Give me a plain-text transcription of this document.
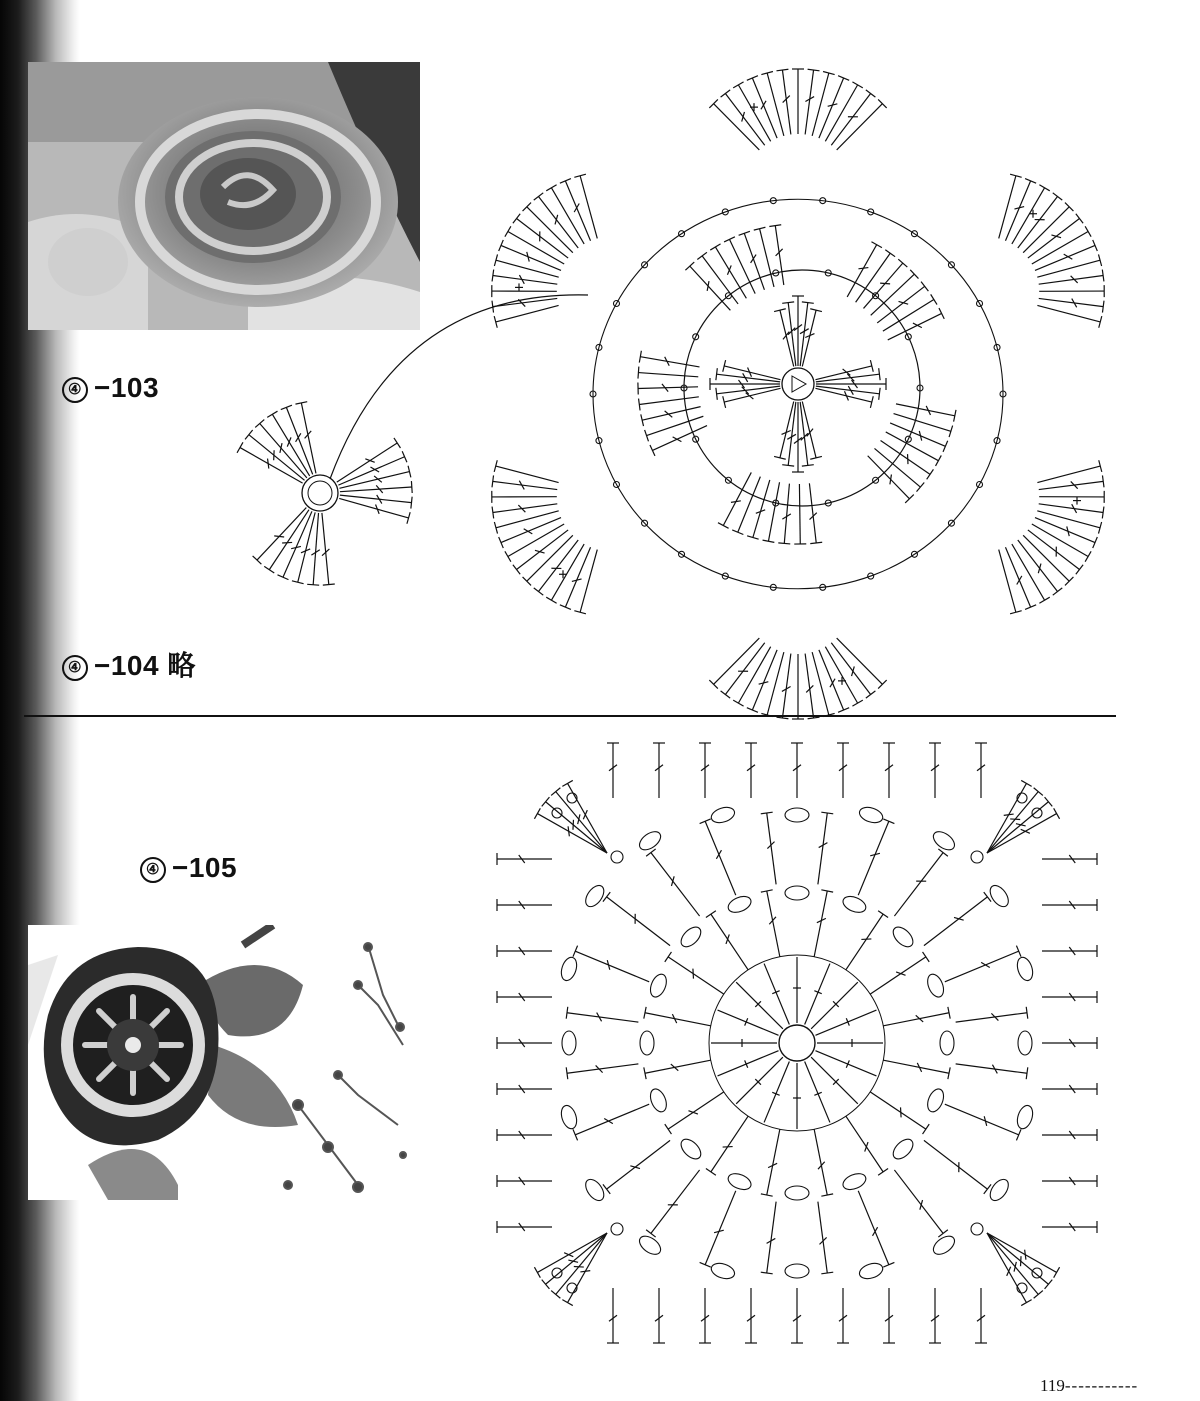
④ −103
④ −104 略
④ −105
119-----------
